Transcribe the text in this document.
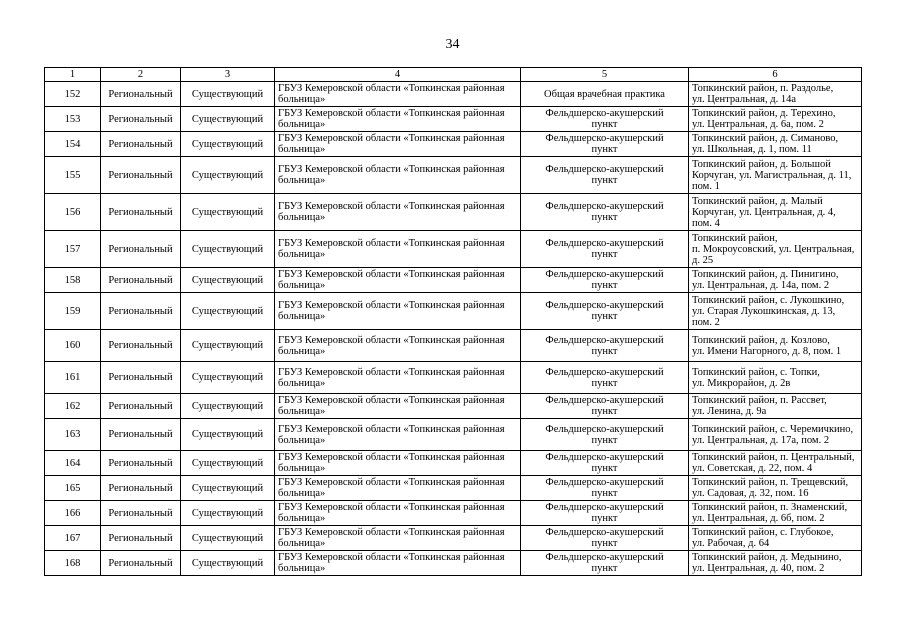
34
1	2	3	4	5	6
152	Региональный	Существующий	ГБУЗ Кемеровской области «Топкинская районная
больница»	Общая врачебная практика	Топкинский район, п. Раздолье,
ул. Центральная, д. 14а
153	Региональный	Существующий	ГБУЗ Кемеровской области «Топкинская районная
больница»	Фельдшерско-акушерский
пункт	Топкинский район, д. Терехино,
ул. Центральная, д. 6а, пом. 2
154	Региональный	Существующий	ГБУЗ Кемеровской области «Топкинская районная
больница»	Фельдшерско-акушерский
пункт	Топкинский район, д. Симаново,
ул. Школьная, д. 1, пом. 11
155	Региональный	Существующий	ГБУЗ Кемеровской области «Топкинская районная
больница»	Фельдшерско-акушерский
пункт	Топкинский район, д. Большой
Корчуган, ул. Магистральная, д. 11,
пом. 1
156	Региональный	Существующий	ГБУЗ Кемеровской области «Топкинская районная
больница»	Фельдшерско-акушерский
пункт	Топкинский район, д. Малый
Корчуган, ул. Центральная, д. 4,
пом. 4
157	Региональный	Существующий	ГБУЗ Кемеровской области «Топкинская районная
больница»	Фельдшерско-акушерский
пункт	Топкинский район,
п. Мокроусовский, ул. Центральная,
д. 25
158	Региональный	Существующий	ГБУЗ Кемеровской области «Топкинская районная
больница»	Фельдшерско-акушерский
пункт	Топкинский район, д. Пинигино,
ул. Центральная, д. 14а, пом. 2
159	Региональный	Существующий	ГБУЗ Кемеровской области «Топкинская районная
больница»	Фельдшерско-акушерский
пункт	Топкинский район, с. Лукошкино,
ул. Старая Лукошкинская, д. 13,
пом. 2
160	Региональный	Существующий	ГБУЗ Кемеровской области «Топкинская районная
больница»	Фельдшерско-акушерский
пункт	Топкинский район, д. Козлово,
ул. Имени Нагорного, д. 8, пом. 1
161	Региональный	Существующий	ГБУЗ Кемеровской области «Топкинская районная
больница»	Фельдшерско-акушерский
пункт	Топкинский район, с. Топки,
ул. Микрорайон, д. 2в
162	Региональный	Существующий	ГБУЗ Кемеровской области «Топкинская районная
больница»	Фельдшерско-акушерский
пункт	Топкинский район, п. Рассвет,
ул. Ленина, д. 9а
163	Региональный	Существующий	ГБУЗ Кемеровской области «Топкинская районная
больница»	Фельдшерско-акушерский
пункт	Топкинский район, с. Черемичкино,
ул. Центральная, д. 17а, пом. 2
164	Региональный	Существующий	ГБУЗ Кемеровской области «Топкинская районная
больница»	Фельдшерско-акушерский
пункт	Топкинский район, п. Центральный,
ул. Советская, д. 22, пом. 4
165	Региональный	Существующий	ГБУЗ Кемеровской области «Топкинская районная
больница»	Фельдшерско-акушерский
пункт	Топкинский район, п. Трещевский,
ул. Садовая, д. 32, пом. 16
166	Региональный	Существующий	ГБУЗ Кемеровской области «Топкинская районная
больница»	Фельдшерско-акушерский
пункт	Топкинский район, п. Знаменский,
ул. Центральная, д. 6б, пом. 2
167	Региональный	Существующий	ГБУЗ Кемеровской области «Топкинская районная
больница»	Фельдшерско-акушерский
пункт	Топкинский район, с. Глубокое,
ул. Рабочая, д. 64
168	Региональный	Существующий	ГБУЗ Кемеровской области «Топкинская районная
больница»	Фельдшерско-акушерский
пункт	Топкинский район, д. Медынино,
ул. Центральная, д. 40, пом. 2
